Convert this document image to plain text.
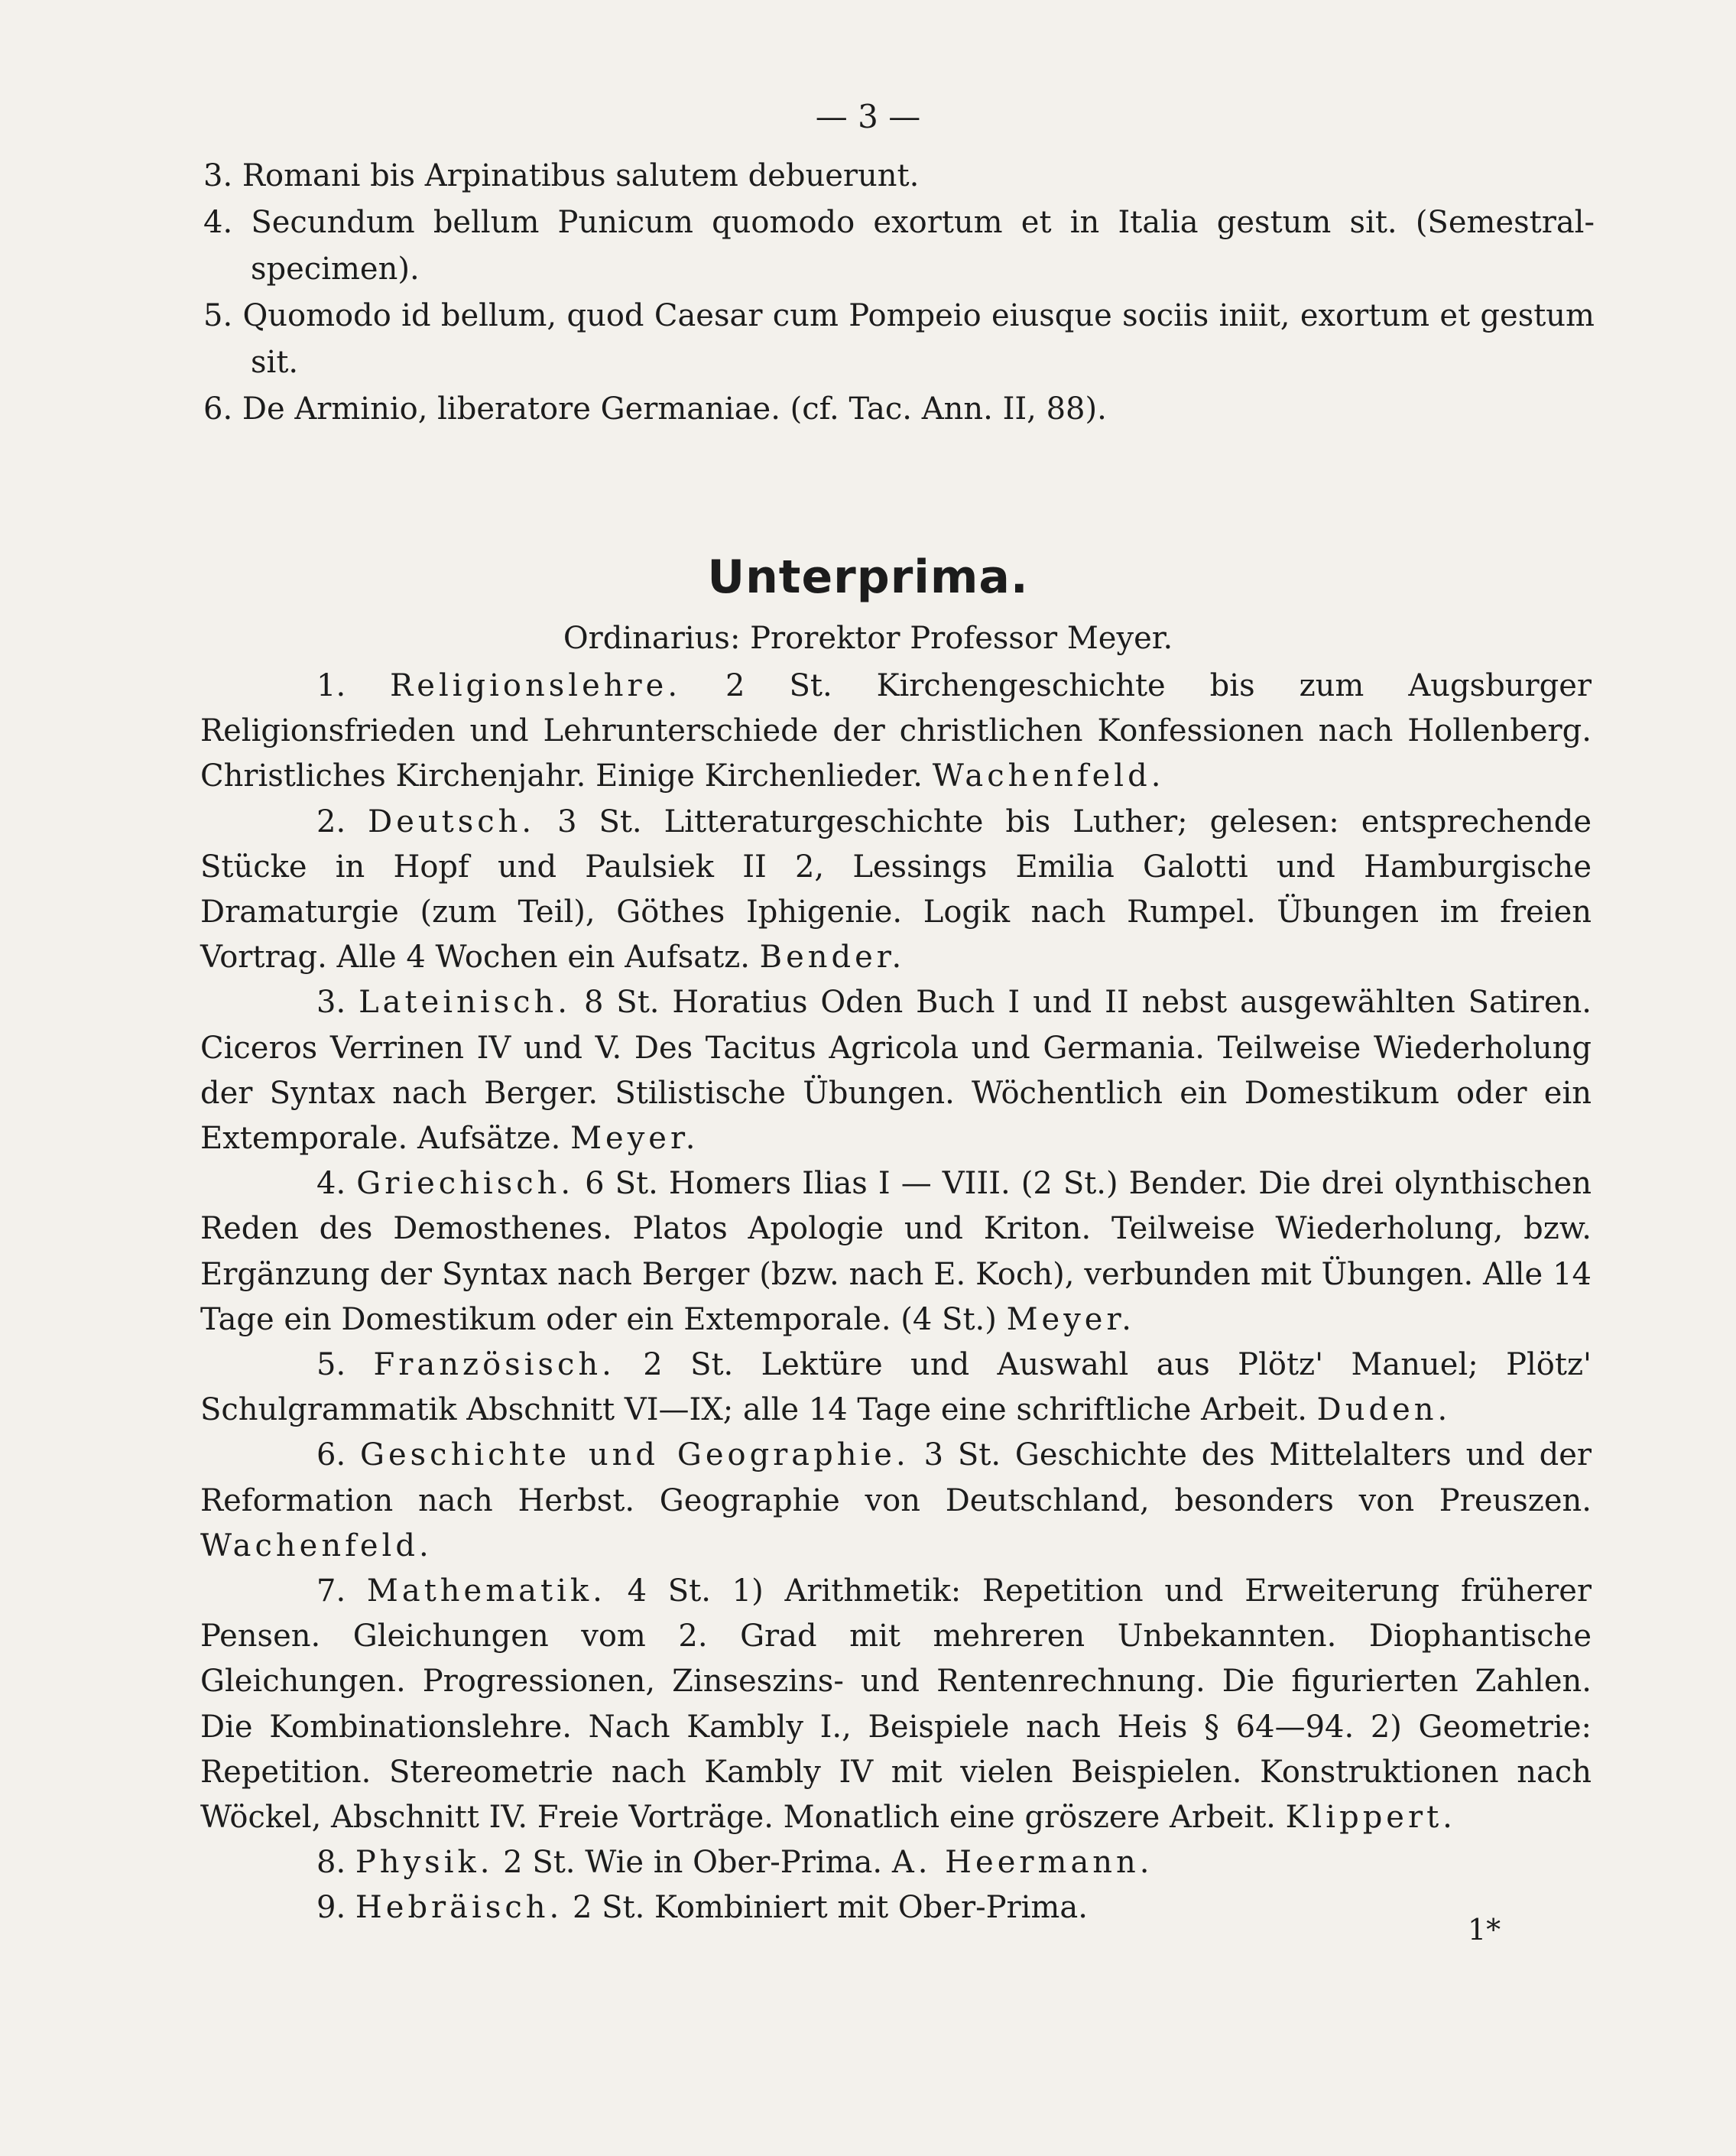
— 3 —
3. Romani bis Arpinatibus salutem debuerunt.
4. Secundum bellum Punicum quomodo exortum et in Italia gestum sit. (Semestral-specimen).
5. Quomodo id bellum, quod Caesar cum Pompeio eiusque sociis iniit, exortum et gestum sit.
6. De Arminio, liberatore Germaniae. (cf. Tac. Ann. II, 88).
Unterprima.
Ordinarius: Prorektor Professor Meyer.

1. Religionslehre. 2 St. Kirchengeschichte bis zum Augsburger Religionsfrieden und Lehrunterschiede der christlichen Konfessionen nach Hollenberg. Christliches Kirchenjahr. Einige Kirchenlieder. Wachenfeld.

2. Deutsch. 3 St. Litteraturgeschichte bis Luther; gelesen: entsprechende Stücke in Hopf und Paulsiek II 2, Lessings Emilia Galotti und Hamburgische Dramaturgie (zum Teil), Göthes Iphigenie. Logik nach Rumpel. Übungen im freien Vortrag. Alle 4 Wochen ein Aufsatz. Bender.

3. Lateinisch. 8 St. Horatius Oden Buch I und II nebst ausgewählten Satiren. Ciceros Verrinen IV und V. Des Tacitus Agricola und Germania. Teilweise Wiederholung der Syntax nach Berger. Stilistische Übungen. Wöchentlich ein Domestikum oder ein Extemporale. Aufsätze. Meyer.

4. Griechisch. 6 St. Homers Ilias I — VIII. (2 St.) Bender. Die drei olynthischen Reden des Demosthenes. Platos Apologie und Kriton. Teilweise Wiederholung, bzw. Ergänzung der Syntax nach Berger (bzw. nach E. Koch), verbunden mit Übungen. Alle 14 Tage ein Domestikum oder ein Extemporale. (4 St.) Meyer.

5. Französisch. 2 St. Lektüre und Auswahl aus Plötz' Manuel; Plötz' Schulgrammatik Abschnitt VI—IX; alle 14 Tage eine schriftliche Arbeit. Duden.

6. Geschichte und Geographie. 3 St. Geschichte des Mittelalters und der Reformation nach Herbst. Geographie von Deutschland, besonders von Preuszen. Wachenfeld.

7. Mathematik. 4 St. 1) Arithmetik: Repetition und Erweiterung früherer Pensen. Gleichungen vom 2. Grad mit mehreren Unbekannten. Diophantische Gleichungen. Progressionen, Zinseszins- und Rentenrechnung. Die figurierten Zahlen. Die Kombinationslehre. Nach Kambly I., Beispiele nach Heis § 64—94. 2) Geometrie: Repetition. Stereometrie nach Kambly IV mit vielen Beispielen. Konstruktionen nach Wöckel, Abschnitt IV. Freie Vorträge. Monatlich eine gröszere Arbeit. Klippert.

8. Physik. 2 St. Wie in Ober-Prima. A. Heermann.

9. Hebräisch. 2 St. Kombiniert mit Ober-Prima.

1*
